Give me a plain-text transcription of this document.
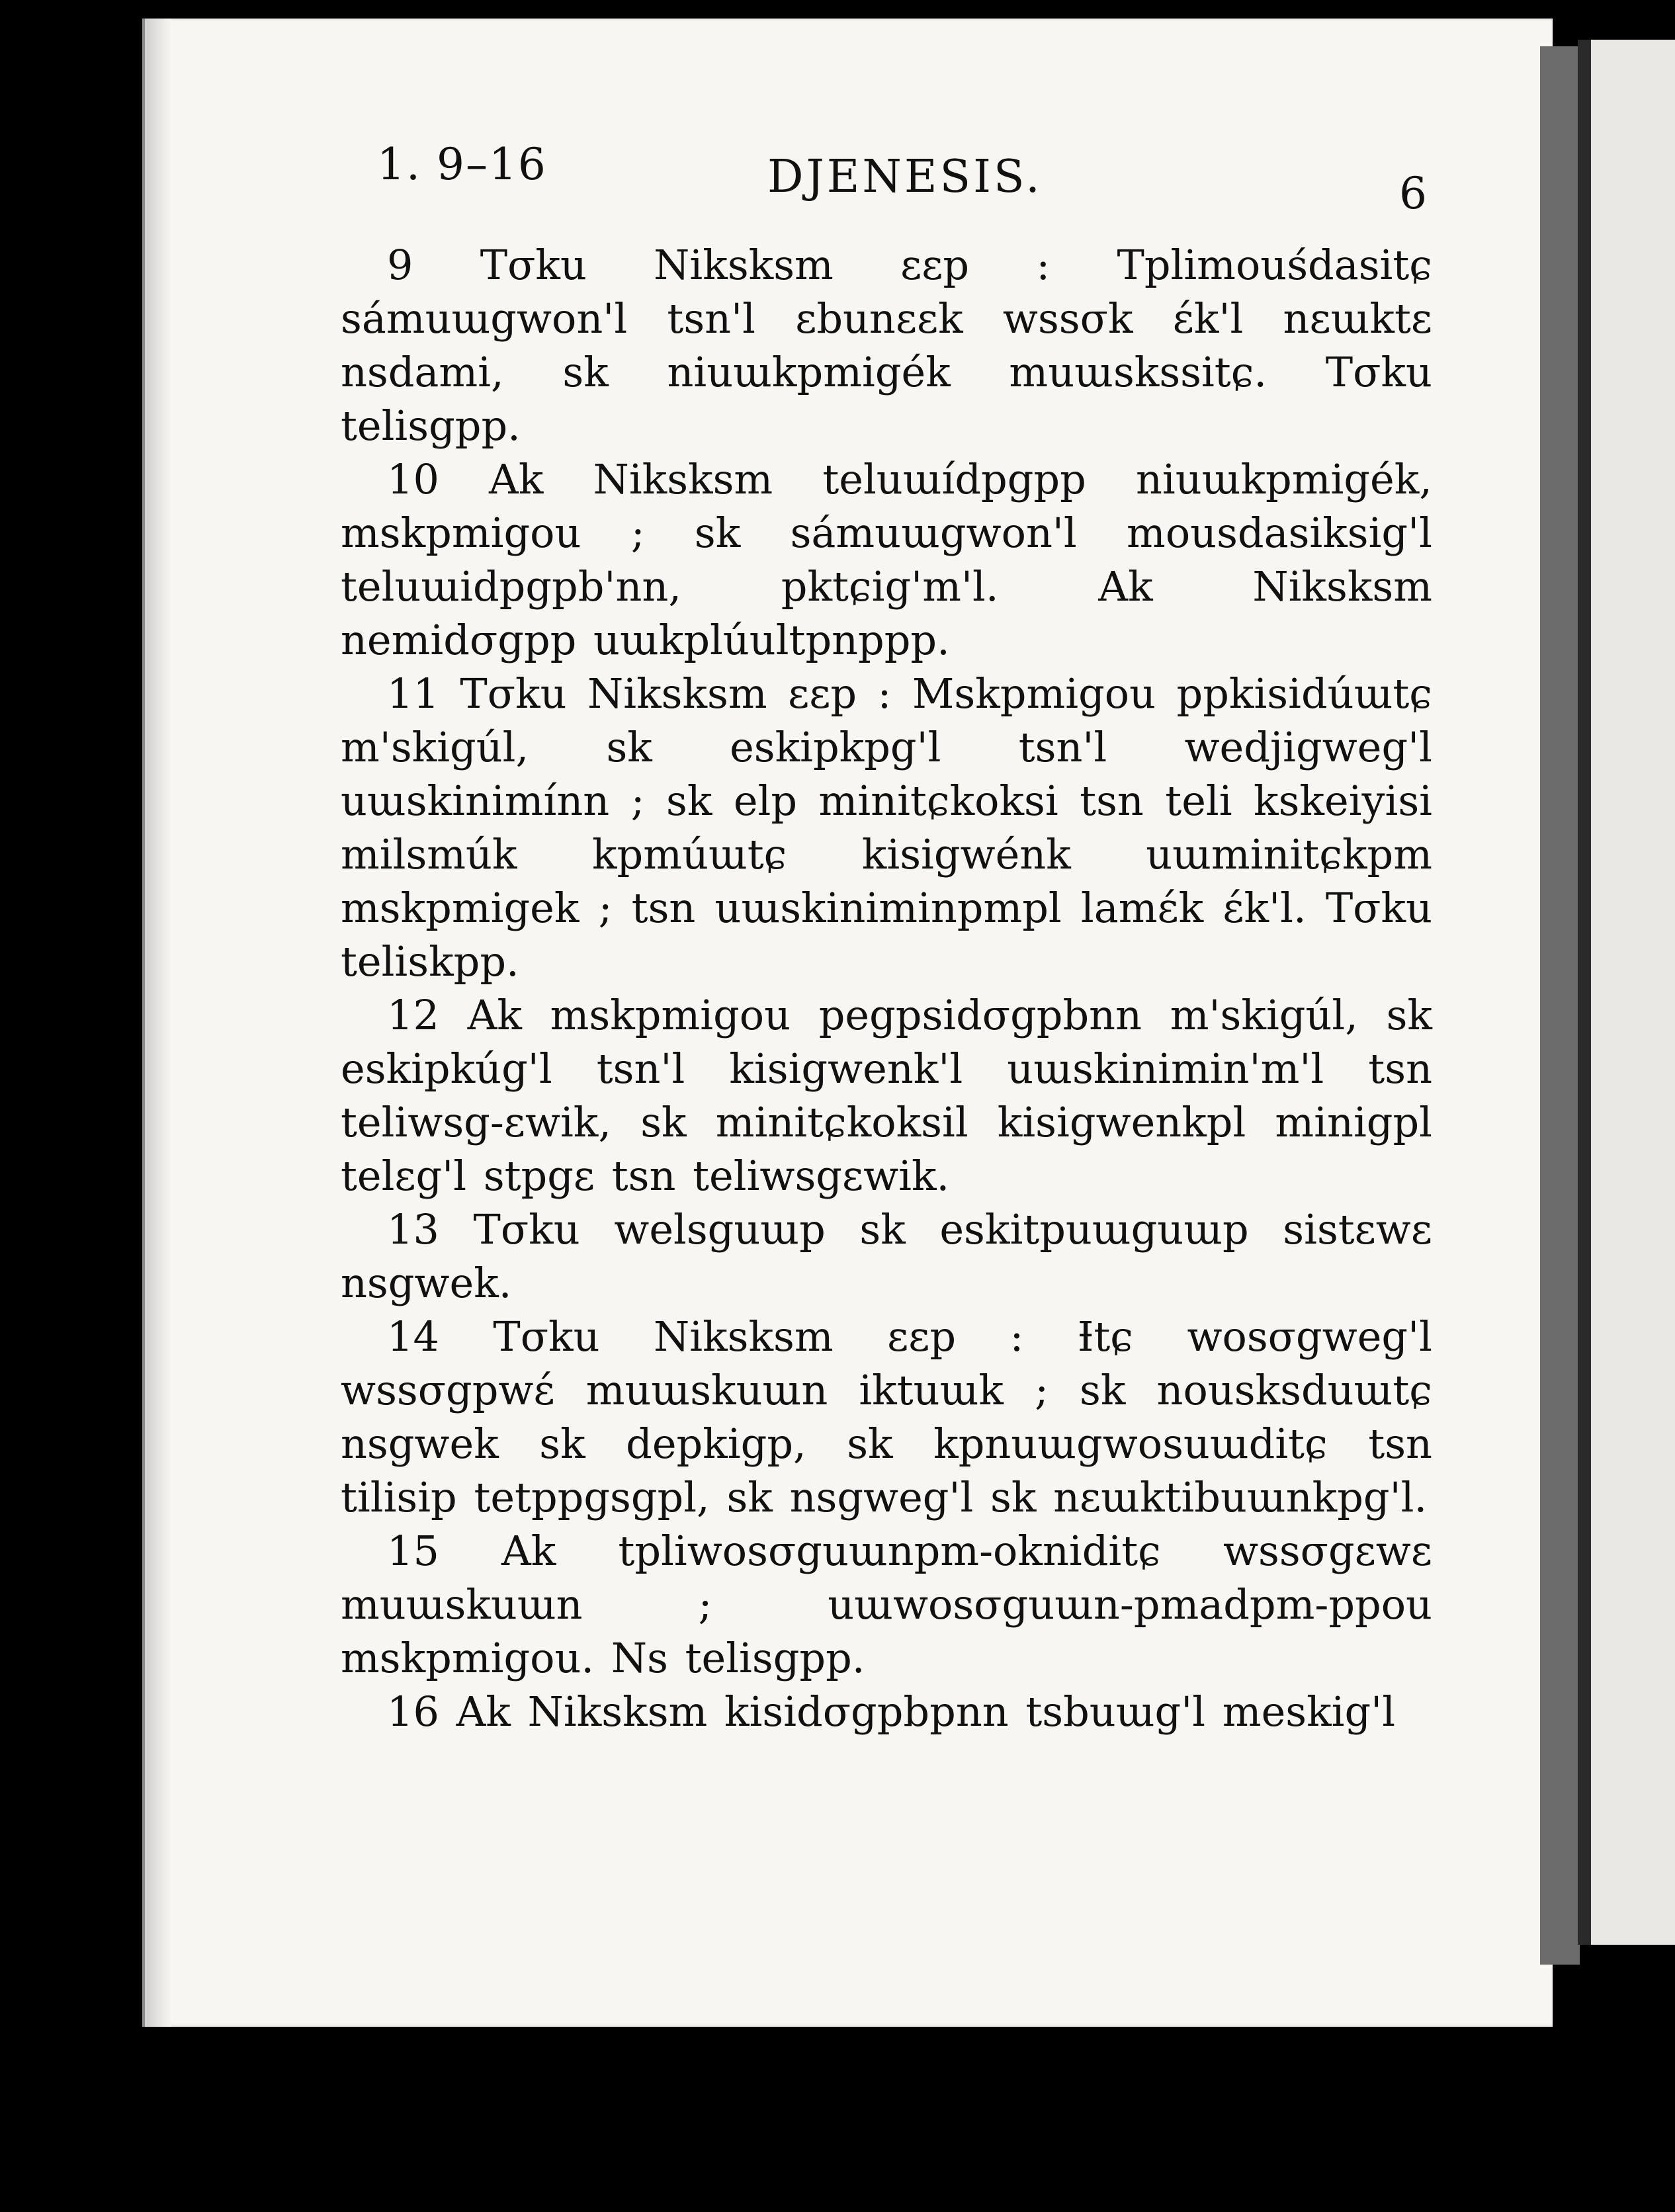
1. 9–16	DJENESIS.	6

9 Tσku Niksksm εεp : Tplimouśdasitɕ sámuɯgwon'l tsn'l εbunεεk wssσk έk'l nεɯktε nsdami, sk niuɯkpmigék muɯskssitɕ. Tσku telisgpp.

10 Ak Niksksm teluɯídpgpp niuɯkpmigék, mskpmigou ; sk sámuɯgwon'l mousdasiksig'l teluɯidpgpb'nn, pktɕig'm'l. Ak Niksksm nemidσgpp uɯkplúultpnppp.

11 Tσku Niksksm εεp : Mskpmigou ppkisidúɯtɕ m'skigúl, sk eskipkpg'l tsn'l wedjigweg'l uɯskinimínn ; sk elp minitɕkoksi tsn teli kskeiyisi milsmúk kpmúɯtɕ kisigwénk uɯminitɕkpm mskpmigek ; tsn uɯskiniminpmpl lamέk έk'l. Tσku teliskpp.

12 Ak mskpmigou pegpsidσgpbnn m'skigúl, sk eskipkúg'l tsn'l kisigwenk'l uɯskinimin'm'l tsn teliwsg-εwik, sk minitɕkoksil kisigwenkpl minigpl telεg'l stpgε tsn teliwsgεwik.

13 Tσku welsguɯp sk eskitpuɯguɯp sistεwε nsgwek.

14 Tσku Niksksm εεp : Ɨtɕ wosσgweg'l wssσgpwέ muɯskuɯn iktuɯk ; sk nousksduɯtɕ nsgwek sk depkigp, sk kpnuɯgwosuɯditɕ tsn tilisip tetppgsgpl, sk nsgweg'l sk nεɯktibuɯnkpg'l.

15 Ak tpliwosσguɯnpm-okniditɕ wssσgεwε muɯskuɯn ; uɯwosσguɯn-pmadpm-ppou mskpmigou. Ns telisgpp.

16 Ak Niksksm kisidσgpbpnn tsbuɯg'l meskig'l
